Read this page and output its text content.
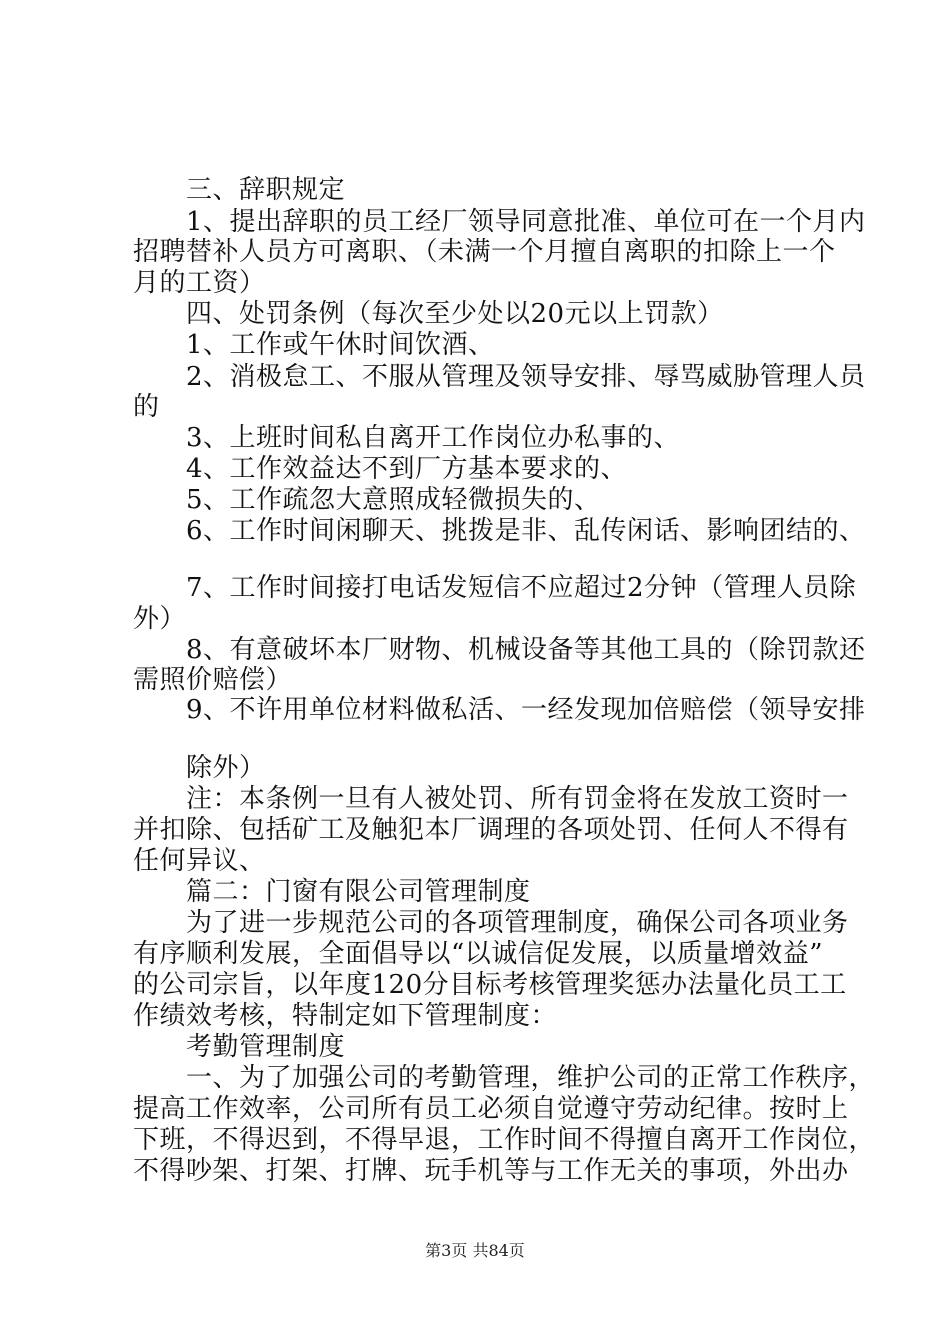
　　三、辞职规定
　　1、提出辞职的员工经厂领导同意批准、单位可在一个月内
招聘替补人员方可离职、（未满一个月擅自离职的扣除上一个
月的工资）
　　四、处罚条例（每次至少处以20元以上罚款）
　　1、工作或午休时间饮酒、
　　2、消极怠工、不服从管理及领导安排、辱骂威胁管理人员
的
　　3、上班时间私自离开工作岗位办私事的、
　　4、工作效益达不到厂方基本要求的、
　　5、工作疏忽大意照成轻微损失的、
　　6、工作时间闲聊天、挑拨是非、乱传闲话、影响团结的、
　　7、工作时间接打电话发短信不应超过2分钟（管理人员除
外）
　　8、有意破坏本厂财物、机械设备等其他工具的（除罚款还
需照价赔偿）
　　9、不许用单位材料做私活、一经发现加倍赔偿（领导安排
　　除外）
　　注：本条例一旦有人被处罚、所有罚金将在发放工资时一
并扣除、包括矿工及触犯本厂调理的各项处罚、任何人不得有
任何异议、
　　篇二：门窗有限公司管理制度
　　为了进一步规范公司的各项管理制度，确保公司各项业务
有序顺利发展，全面倡导以“以诚信促发展，以质量增效益”
的公司宗旨，以年度120分目标考核管理奖惩办法量化员工工
作绩效考核，特制定如下管理制度：
　　考勤管理制度
　　一、为了加强公司的考勤管理，维护公司的正常工作秩序，
提高工作效率，公司所有员工必须自觉遵守劳动纪律。按时上
下班，不得迟到，不得早退，工作时间不得擅自离开工作岗位，
不得吵架、打架、打牌、玩手机等与工作无关的事项，外出办
第3页 共84页
